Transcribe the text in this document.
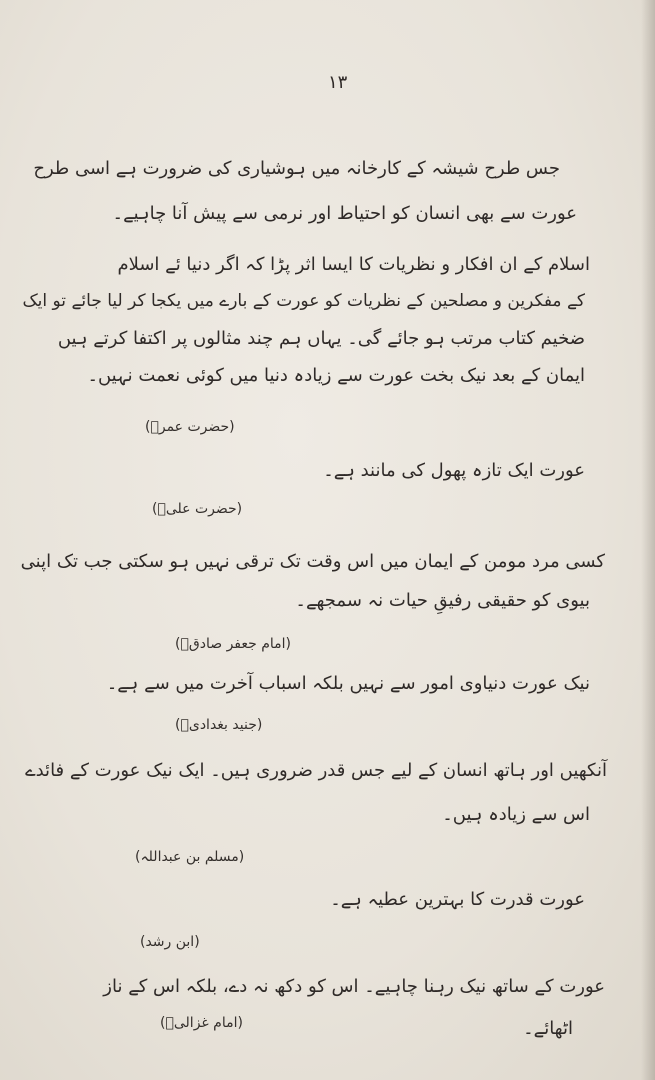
۱۳
جس طرح شیشہ کے کارخانہ میں ہوشیاری کی ضرورت ہے اسی طرح
عورت سے بھی انسان کو احتیاط اور نرمی سے پیش آنا چاہیے۔
اسلام کے ان افکار و نظریات کا ایسا اثر پڑا کہ اگر دنیا ئے اسلام
کے مفکرین و مصلحین کے نظریات کو عورت کے بارے میں یکجا کر لیا جائے تو ایک
ضخیم کتاب مرتب ہو جائے گی۔ یہاں ہم چند مثالوں پر اکتفا کرتے ہیں
ایمان کے بعد نیک بخت عورت سے زیادہ دنیا میں کوئی نعمت نہیں۔
(حضرت عمرؓ)
عورت ایک تازہ پھول کی مانند ہے۔
(حضرت علیؓ)
کسی مرد مومن کے ایمان میں اس وقت تک ترقی نہیں ہو سکتی جب تک اپنی
بیوی کو حقیقی رفیقِ حیات نہ سمجھے۔
(امام جعفر صادقؒ)
نیک عورت دنیاوی امور سے نہیں بلکہ اسباب آخرت میں سے ہے۔
(جنید بغدادیؒ)
آنکھیں اور ہاتھ انسان کے لیے جس قدر ضروری ہیں۔ ایک نیک عورت کے فائدے
اس سے زیادہ ہیں۔
(مسلم بن عبداللہ)
عورت قدرت کا بہترین عطیہ ہے۔
(ابن رشد)
عورت کے ساتھ نیک رہنا چاہیے۔ اس کو دکھ نہ دے، بلکہ اس کے ناز
اٹھائے۔
(امام غزالیؒ)
